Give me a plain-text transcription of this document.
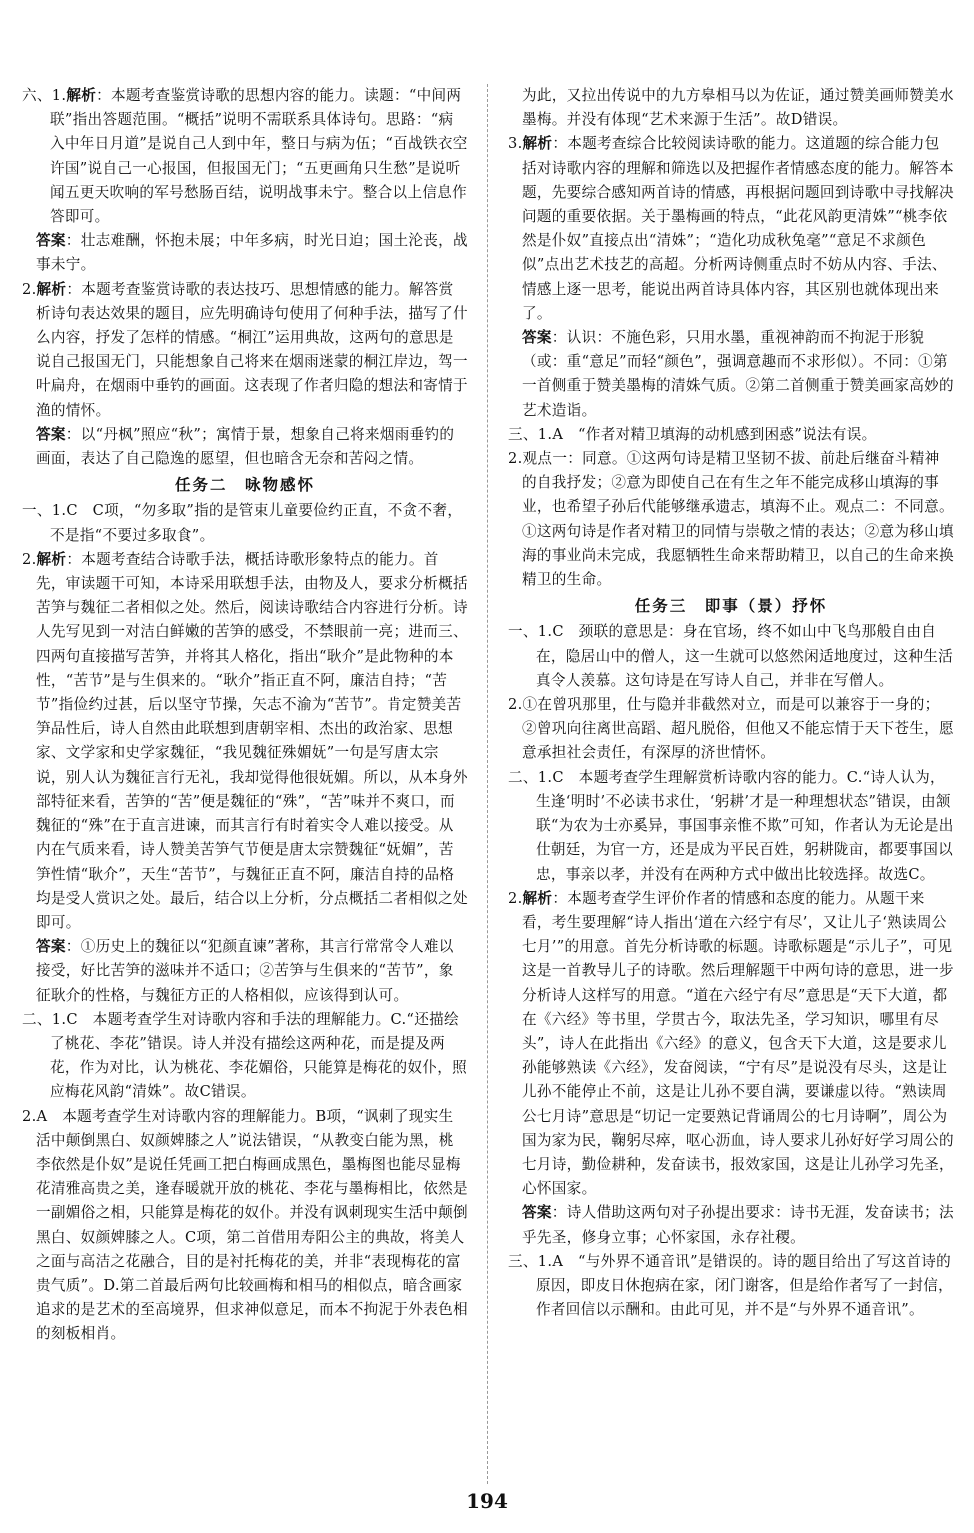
六、1.解析：本题考查鉴赏诗歌的思想内容的能力。读题：“中间两联”指出答题范围。“概括”说明不需联系具体诗句。思路：“病入中年日月道”是说自己人到中年，整日与病为伍；“百战铁衣空许国”说自己一心报国，但报国无门；“五更画角只生愁”是说听闻五更天吹响的军号愁肠百结，说明战事未宁。整合以上信息作答即可。

答案：壮志难酬，怀抱未展；中年多病，时光日迫；国土沦丧，战事未宁。

2.解析：本题考查鉴赏诗歌的表达技巧、思想情感的能力。解答赏析诗句表达效果的题目，应先明确诗句使用了何种手法，描写了什么内容，抒发了怎样的情感。“桐江”运用典故，这两句的意思是说自己报国无门，只能想象自己将来在烟雨迷蒙的桐江岸边，驾一叶扁舟，在烟雨中垂钓的画面。这表现了作者归隐的想法和寄情于渔的情怀。

答案：以“丹枫”照应“秋”；寓情于景，想象自己将来烟雨垂钓的画面，表达了自己隐逸的愿望，但也暗含无奈和苦闷之情。

任务二　咏物感怀

一、1.C　C项，“勿多取”指的是管束儿童要俭约正直，不贪不奢，不是指“不要过多取食”。

2.解析：本题考查结合诗歌手法，概括诗歌形象特点的能力。首先，审读题干可知，本诗采用联想手法，由物及人，要求分析概括苦笋与魏征二者相似之处。然后，阅读诗歌结合内容进行分析。诗人先写见到一对洁白鲜嫩的苦笋的感受，不禁眼前一亮；进而三、四两句直接描写苦笋，并将其人格化，指出“耿介”是此物种的本性，“苦节”是与生俱来的。“耿介”指正直不阿，廉洁自持；“苦节”指俭约过甚，后以坚守节操，矢志不渝为“苦节”。肯定赞美苦笋品性后，诗人自然由此联想到唐朝宰相、杰出的政治家、思想家、文学家和史学家魏征，“我见魏征殊媚妩”一句是写唐太宗说，别人认为魏征言行无礼，我却觉得他很妩媚。所以，从本身外部特征来看，苦笋的“苦”便是魏征的“殊”，“苦”味并不爽口，而魏征的“殊”在于直言进谏，而其言行有时着实令人难以接受。从内在气质来看，诗人赞美苦笋气节便是唐太宗赞魏征“妩媚”，苦笋性情“耿介”，天生“苦节”，与魏征正直不阿，廉洁自持的品格均是受人赏识之处。最后，结合以上分析，分点概括二者相似之处即可。

答案：①历史上的魏征以“犯颜直谏”著称，其言行常常令人难以接受，好比苦笋的滋味并不适口；②苦笋与生俱来的“苦节”，象征耿介的性格，与魏征方正的人格相似，应该得到认可。

二、1.C　本题考查学生对诗歌内容和手法的理解能力。C.“还描绘了桃花、李花”错误。诗人并没有描绘这两种花，而是提及两花，作为对比，认为桃花、李花媚俗，只能算是梅花的奴仆，照应梅花风韵“清姝”。故C错误。

2.A　本题考查学生对诗歌内容的理解能力。B项，“讽刺了现实生活中颠倒黑白、奴颜婢膝之人”说法错误，“从教变白能为黑，桃李依然是仆奴”是说任凭画工把白梅画成黑色，墨梅图也能尽显梅花清雅高贵之美，逢春暖就开放的桃花、李花与墨梅相比，依然是一副媚俗之相，只能算是梅花的奴仆。并没有讽刺现实生活中颠倒黑白、奴颜婢膝之人。C项，第二首借用寿阳公主的典故，将美人之面与高洁之花融合，目的是衬托梅花的美，并非“表现梅花的富贵气质”。D.第二首最后两句比较画梅和相马的相似点，暗含画家追求的是艺术的至高境界，但求神似意足，而本不拘泥于外表色相的刻板相肖。

为此，又拉出传说中的九方皋相马以为佐证，通过赞美画师赞美水墨梅。并没有体现“艺术来源于生活”。故D错误。

3.解析：本题考查综合比较阅读诗歌的能力。这道题的综合能力包括对诗歌内容的理解和筛选以及把握作者情感态度的能力。解答本题，先要综合感知两首诗的情感，再根据问题回到诗歌中寻找解决问题的重要依据。关于墨梅画的特点，“此花风韵更清姝”“桃李依然是仆奴”直接点出“清姝”；“造化功成秋兔毫”“意足不求颜色似”点出艺术技艺的高超。分析两诗侧重点时不妨从内容、手法、情感上逐一思考，能说出两首诗具体内容，其区别也就体现出来了。

答案：认识：不施色彩，只用水墨，重视神韵而不拘泥于形貌（或：重“意足”而轻“颜色”，强调意趣而不求形似）。不同：①第一首侧重于赞美墨梅的清姝气质。②第二首侧重于赞美画家高妙的艺术造诣。

三、1.A　“作者对精卫填海的动机感到困惑”说法有误。

2.观点一：同意。①这两句诗是精卫坚韧不拔、前赴后继奋斗精神的自我抒发；②意为即使自己在有生之年不能完成移山填海的事业，也希望子孙后代能够继承遗志，填海不止。观点二：不同意。①这两句诗是作者对精卫的同情与崇敬之情的表达；②意为移山填海的事业尚未完成，我愿牺牲生命来帮助精卫，以自己的生命来换精卫的生命。

任务三　即事（景）抒怀

一、1.C　颈联的意思是：身在官场，终不如山中飞鸟那般自由自在，隐居山中的僧人，这一生就可以悠然闲适地度过，这种生活真令人羡慕。这句诗是在写诗人自己，并非在写僧人。

2.①在曾巩那里，仕与隐并非截然对立，而是可以兼容于一身的；②曾巩向往离世高蹈、超凡脱俗，但他又不能忘情于天下苍生，愿意承担社会责任，有深厚的济世情怀。

二、1.C　本题考查学生理解赏析诗歌内容的能力。C.“诗人认为，生逢‘明时’不必读书求仕，‘躬耕’才是一种理想状态”错误，由颔联“为农为士亦奚异，事国事亲惟不欺”可知，作者认为无论是出仕朝廷，为官一方，还是成为平民百姓，躬耕陇亩，都要事国以忠，事亲以孝，并没有在两种方式中做出比较选择。故选C。

2.解析：本题考查学生评价作者的情感和态度的能力。从题干来看，考生要理解“诗人指出‘道在六经宁有尽’，又让儿子‘熟读周公七月’”的用意。首先分析诗歌的标题。诗歌标题是“示儿子”，可见这是一首教导儿子的诗歌。然后理解题干中两句诗的意思，进一步分析诗人这样写的用意。“道在六经宁有尽”意思是“天下大道，都在《六经》等书里，学贯古今，取法先圣，学习知识，哪里有尽头”，诗人在此指出《六经》的意义，包含天下大道，这是要求儿孙能够熟读《六经》，发奋阅读，“宁有尽”是说没有尽头，这是让儿孙不能停止不前，这是让儿孙不要自满，要谦虚以待。“熟读周公七月诗”意思是“切记一定要熟记背诵周公的七月诗啊”，周公为国为家为民，鞠躬尽瘁，呕心沥血，诗人要求儿孙好好学习周公的七月诗，勤俭耕种，发奋读书，报效家国，这是让儿孙学习先圣，心怀国家。

答案：诗人借助这两句对子孙提出要求：诗书无涯，发奋读书；法乎先圣，修身立事；心怀家国，永存社稷。

三、1.A　“与外界不通音讯”是错误的。诗的题目给出了写这首诗的原因，即皮日休抱病在家，闭门谢客，但是给作者写了一封信，作者回信以示酬和。由此可见，并不是“与外界不通音讯”。

194
